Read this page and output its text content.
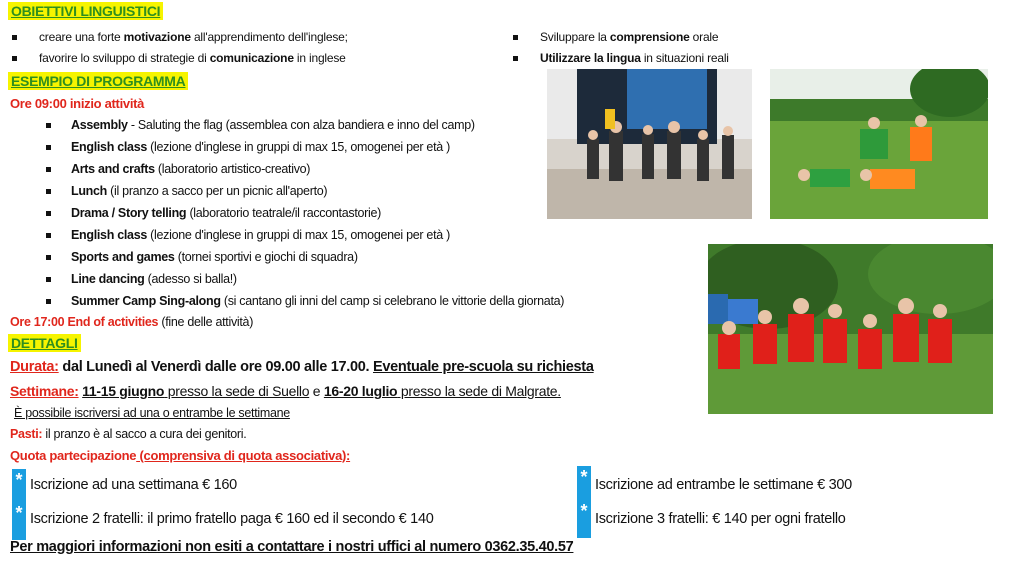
OBIETTIVI LINGUISTICI
creare una forte motivazione all'apprendimento dell'inglese;
favorire lo sviluppo di strategie di comunicazione in inglese
Sviluppare la comprensione orale
Utilizzare la lingua in situazioni reali
ESEMPIO DI PROGRAMMA
Ore 09:00 inizio attività
Assembly - Saluting the flag (assemblea con alza bandiera e inno del camp)
English class (lezione d'inglese in gruppi di max 15, omogenei per età )
Arts and crafts (laboratorio artistico-creativo)
Lunch (il pranzo a sacco per un picnic all'aperto)
Drama / Story telling (laboratorio teatrale/il raccontastorie)
English class (lezione d'inglese in gruppi di max 15, omogenei per età )
Sports and games (tornei sportivi e giochi di squadra)
Line dancing (adesso si balla!)
Summer Camp Sing-along (si cantano gli inni del camp si celebrano le vittorie della giornata)
Ore 17:00 End of activities (fine delle attività)
DETTAGLI
Durata: dal Lunedì al Venerdì dalle ore 09.00 alle 17.00. Eventuale pre-scuola su richiesta
Settimane: 11-15 giugno presso la sede di Suello e 16-20 luglio presso la sede di Malgrate.
È possibile iscriversi ad una o entrambe le settimane
Pasti: il pranzo è al sacco a cura dei genitori.
Quota partecipazione (comprensiva di quota associativa):
* Iscrizione ad una settimana € 160
* Iscrizione 2 fratelli: il primo fratello paga € 160 ed il secondo € 140
* Iscrizione ad entrambe le settimane € 300
* Iscrizione 3 fratelli: € 140 per ogni fratello
Per maggiori informazioni non esiti a contattare i nostri uffici al numero 0362.35.40.57
